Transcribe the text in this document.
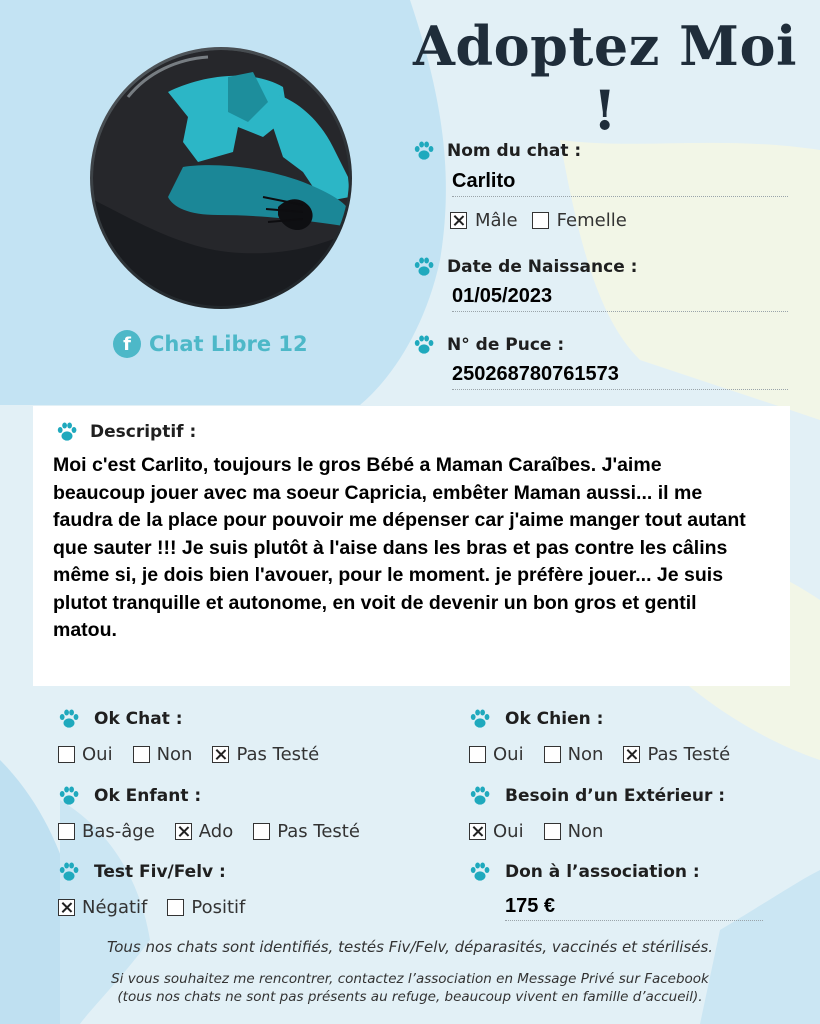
Adoptez Moi !
f Chat Libre 12
Nom du chat :
Carlito
Mâle Femelle
Date de Naissance :
01/05/2023
N° de Puce :
250268780761573
Descriptif :
Moi c'est Carlito, toujours le gros Bébé a Maman Caraîbes. J'aime beaucoup jouer avec ma soeur Capricia, embêter Maman aussi... il me faudra de la place pour pouvoir me dépenser car j'aime manger tout autant que sauter !!! Je suis plutôt à l'aise dans les bras et pas contre les câlins même si, je dois bien l'avouer, pour le moment. je préfère jouer... Je suis plutot tranquille et autonome, en voit de devenir un bon gros et gentil matou.
Ok Chat :
Oui Non Pas Testé
Ok Chien :
Oui Non Pas Testé
Ok Enfant :
Bas-âge Ado Pas Testé
Besoin d’un Extérieur :
Oui Non
Test Fiv/Felv :
Négatif Positif
Don à l’association :
175 €
Tous nos chats sont identifiés, testés Fiv/Felv, déparasités, vaccinés et stérilisés.
Si vous souhaitez me rencontrer, contactez l’association en Message Privé sur Facebook
(tous nos chats ne sont pas présents au refuge, beaucoup vivent en famille d’accueil).
